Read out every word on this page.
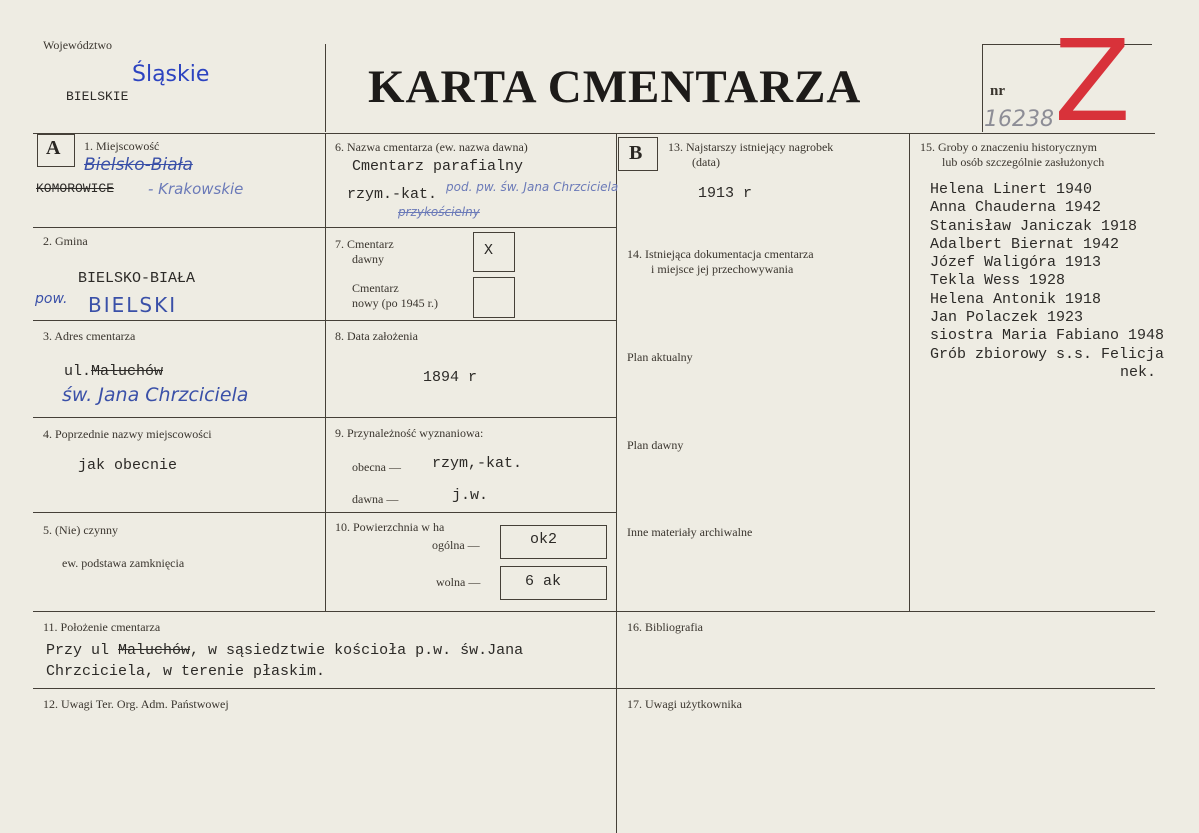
Województwo
Śląskie
BIELSKIE	KARTA CMENTARZA	nr
16238 Z
A 1. Miejscowość
Bielsko-Biała
KOMOROWICE - Krakowskie
2. Gmina
BIELSKO-BIAŁA
pow. BIELSKI
3. Adres cmentarza
ul.Maluchów
św. Jana Chrzciciela
4. Poprzednie nazwy miejscowości
jak obecnie
5. (Nie) czynny
ew. podstawa zamknięcia
6. Nazwa cmentarza (ew. nazwa dawna)
Cmentarz parafialny
rzym.-kat. pod. pw. św. Jana Chrzciciela
przykościelny
7. Cmentarz
dawny	X
Cmentarz
nowy (po 1945 r.)
8. Data założenia
1894 r
9. Przynależność wyznaniowa:
obecna — rzym,-kat.
dawna —	j.w.
10. Powierzchnia w ha
ogólna —	ok2
wolna —	6 ak
B 13. Najstarszy istniejący nagrobek
(data)
1913 r
14. Istniejąca dokumentacja cmentarza
i miejsce jej przechowywania
Plan aktualny
Plan dawny
Inne materiały archiwalne
15. Groby o znaczeniu historycznym
lub osób szczególnie zasłużonych
Helena Linert 1940
Anna Chauderna 1942
Stanisław Janiczak 1918
Adalbert Biernat 1942
Józef Waligóra 1913
Tekla Wess 1928
Helena Antonik 1918
Jan Polaczek 1923
siostra Maria Fabiano 1948
Grób zbiorowy s.s. Felicja
nek.
11. Położenie cmentarza
Przy ul Maluchów, w sąsiedztwie kościoła p.w. św.Jana
Chrzciciela, w terenie płaskim.
12. Uwagi Ter. Org. Adm. Państwowej
16. Bibliografia
17. Uwagi użytkownika
